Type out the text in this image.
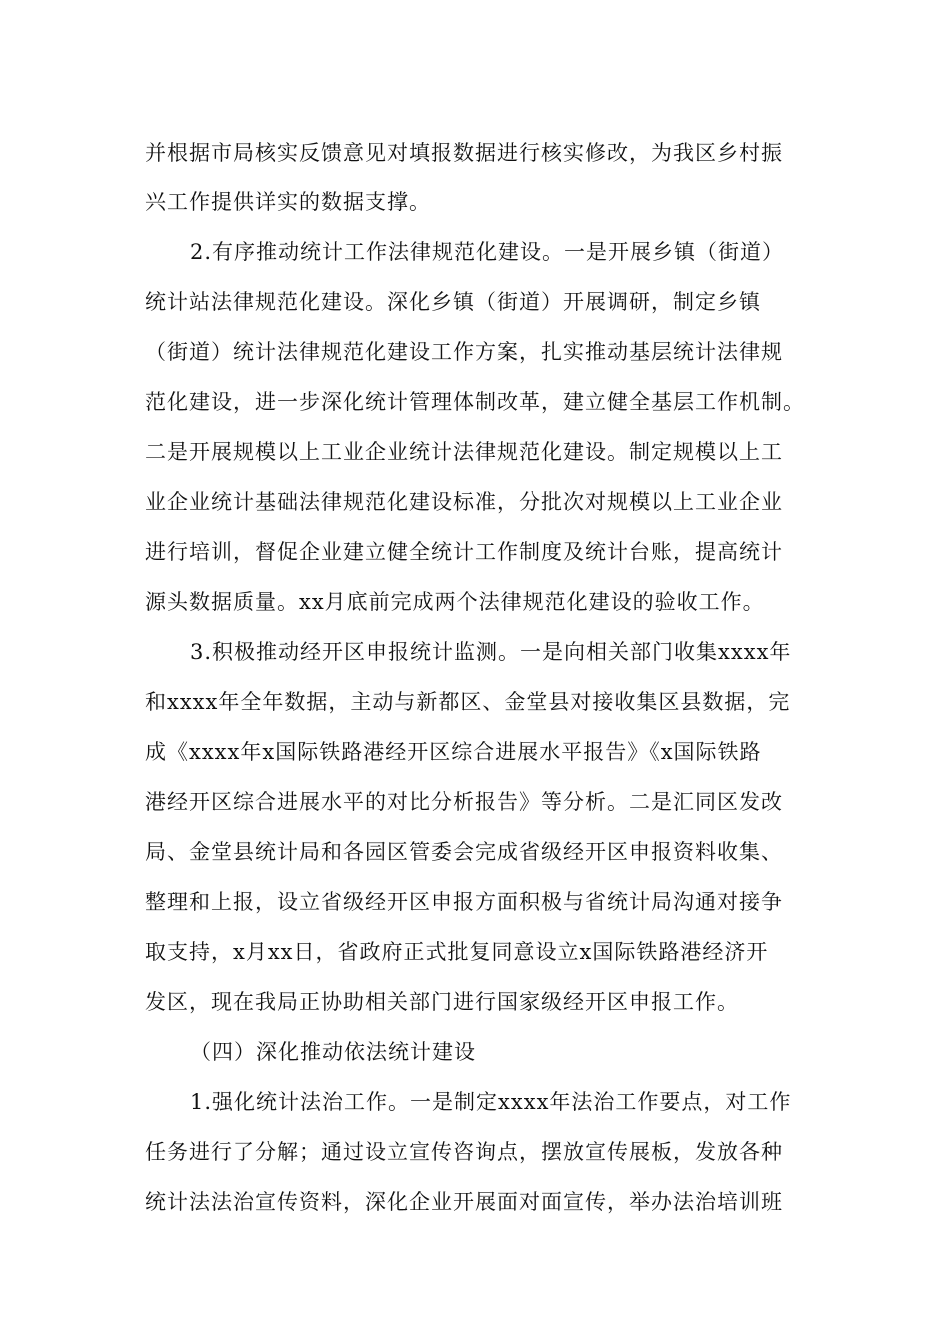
并根据市局核实反馈意见对填报数据进行核实修改，为我区乡村振
兴工作提供详实的数据支撑。
2.有序推动统计工作法律规范化建设。一是开展乡镇（街道）
统计站法律规范化建设。深化乡镇（街道）开展调研，制定乡镇
（街道）统计法律规范化建设工作方案，扎实推动基层统计法律规
范化建设，进一步深化统计管理体制改革，建立健全基层工作机制。
二是开展规模以上工业企业统计法律规范化建设。制定规模以上工
业企业统计基础法律规范化建设标准，分批次对规模以上工业企业
进行培训，督促企业建立健全统计工作制度及统计台账，提高统计
源头数据质量。xx月底前完成两个法律规范化建设的验收工作。
3.积极推动经开区申报统计监测。一是向相关部门收集xxxx年
和xxxx年全年数据，主动与新都区、金堂县对接收集区县数据，完
成《xxxx年x国际铁路港经开区综合进展水平报告》《x国际铁路
港经开区综合进展水平的对比分析报告》等分析。二是汇同区发改
局、金堂县统计局和各园区管委会完成省级经开区申报资料收集、
整理和上报，设立省级经开区申报方面积极与省统计局沟通对接争
取支持，x月xx日，省政府正式批复同意设立x国际铁路港经济开
发区，现在我局正协助相关部门进行国家级经开区申报工作。
（四）深化推动依法统计建设
1.强化统计法治工作。一是制定xxxx年法治工作要点，对工作
任务进行了分解；通过设立宣传咨询点，摆放宣传展板，发放各种
统计法法治宣传资料，深化企业开展面对面宣传，举办法治培训班
